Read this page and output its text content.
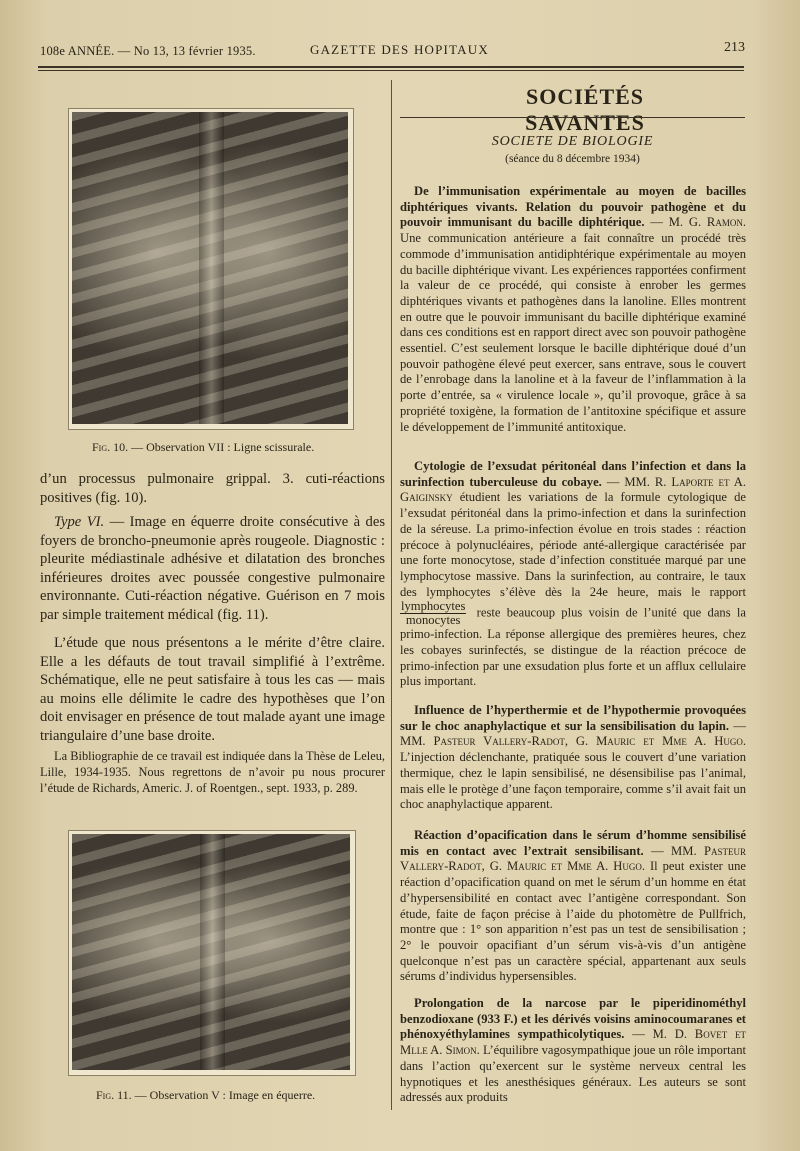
108e ANNÉE. — No 13, 13 février 1935.	GAZETTE DES HOPITAUX	213
Fig. 10. — Observation VII : Ligne scissurale.

d’un processus pulmonaire grippal. 3. cuti-réactions positives (fig. 10).

Type VI. — Image en équerre droite consécutive à des foyers de broncho-pneumonie après rougeole. Diagnostic : pleurite médiastinale adhésive et dilatation des bronches inférieures droites avec poussée congestive pulmonaire environnante. Cuti-réaction négative. Guérison en 7 mois par simple traitement médical (fig. 11).

L’étude que nous présentons a le mérite d’être claire. Elle a les défauts de tout travail simplifié à l’extrême. Schématique, elle ne peut satisfaire à tous les cas — mais au moins elle délimite le cadre des hypothèses que l’on doit envisager en présence de tout malade ayant une image triangulaire d’une base droite.

La Bibliographie de ce travail est indiquée dans la Thèse de Leleu, Lille, 1934-1935. Nous regrettons de n’avoir pu nous procurer l’étude de Richards, Americ. J. of Roentgen., sept. 1933, p. 289.
Fig. 11. — Observation V : Image en équerre.
SOCIÉTÉS SAVANTES
SOCIETE DE BIOLOGIE
(séance du 8 décembre 1934)
De l’immunisation expérimentale au moyen de bacilles diphtériques vivants. Relation du pouvoir pathogène et du pouvoir immunisant du bacille diphtérique. — M. G. Ramon. Une communication antérieure a fait connaître un procédé très commode d’immunisation antidiphtérique expérimentale au moyen du bacille diphtérique vivant. Les expériences rapportées confirment la valeur de ce procédé, qui consiste à enrober les germes diphtériques vivants et pathogènes dans la lanoline. Elles montrent en outre que le pouvoir immunisant du bacille diphtérique examiné dans ces conditions est en rapport direct avec son pouvoir pathogène essentiel. C’est seulement lorsque le bacille diphtérique doué d’un pouvoir pathogène élevé peut exercer, sans entrave, sous le couvert de l’enrobage dans la lanoline et à la faveur de l’inflammation à la porte d’entrée, sa « virulence locale », qu’il provoque, grâce à sa propriété toxigène, la formation de l’antitoxine spécifique et assure le développement de l’immunité antitoxique.
Cytologie de l’exsudat péritonéal dans l’infection et dans la surinfection tuberculeuse du cobaye. — MM. R. Laporte et A. Gaiginsky étudient les variations de la formule cytologique de l’exsudat péritonéal dans la primo-infection et dans la surinfection de la séreuse. La primo-infection évolue en trois stades : réaction précoce à polynucléaires, période anté-allergique caractérisée par une forte monocytose, stade d’infection constituée marqué par une lymphocytose massive. Dans la surinfection, au contraire, le taux des lymphocytes s’élève dès la 24e heure, mais le rapport
$\frac{\text{lymphocytes}}{\text{monocytes}}$ reste beaucoup plus voisin de l’unité que dans la primo-infection. La réponse allergique des premières heures, chez les cobayes surinfectés, se distingue de la réaction précoce de primo-infection par une exsudation plus forte et un afflux cellulaire plus important.
Influence de l’hyperthermie et de l’hypothermie provoquées sur le choc anaphylactique et sur la sensibilisation du lapin. — MM. Pasteur Vallery-Radot, G. Mauric et Mme A. Hugo. L’injection déclenchante, pratiquée sous le couvert d’une variation thermique, chez le lapin sensibilisé, ne désensibilise pas l’animal, mais elle le protège d’une façon temporaire, comme s’il avait fait un choc anaphylactique apparent.
Réaction d’opacification dans le sérum d’homme sensibilisé mis en contact avec l’extrait sensibilisant. — MM. Pasteur Vallery-Radot, G. Mauric et Mme A. Hugo. Il peut exister une réaction d’opacification quand on met le sérum d’un homme en état d’hypersensibilité en contact avec l’antigène correspondant. Son étude, faite de façon précise à l’aide du photomètre de Pullfrich, montre que : 1° son apparition n’est pas un test de sensibilisation ; 2° le pouvoir opacifiant d’un sérum vis-à-vis d’un antigène quelconque n’est pas un caractère spécial, appartenant aux seuls sérums d’individus hypersensibles.
Prolongation de la narcose par le piperidinométhyl benzodioxane (933 F.) et les dérivés voisins aminocoumaranes et phénoxyéthylamines sympathicolytiques. — M. D. Bovet et Mlle A. Simon. L’équilibre vagosympathique joue un rôle important dans l’action qu’exercent sur le système nerveux central les hypnotiques et les anesthésiques généraux. Les auteurs se sont adressés aux produits
